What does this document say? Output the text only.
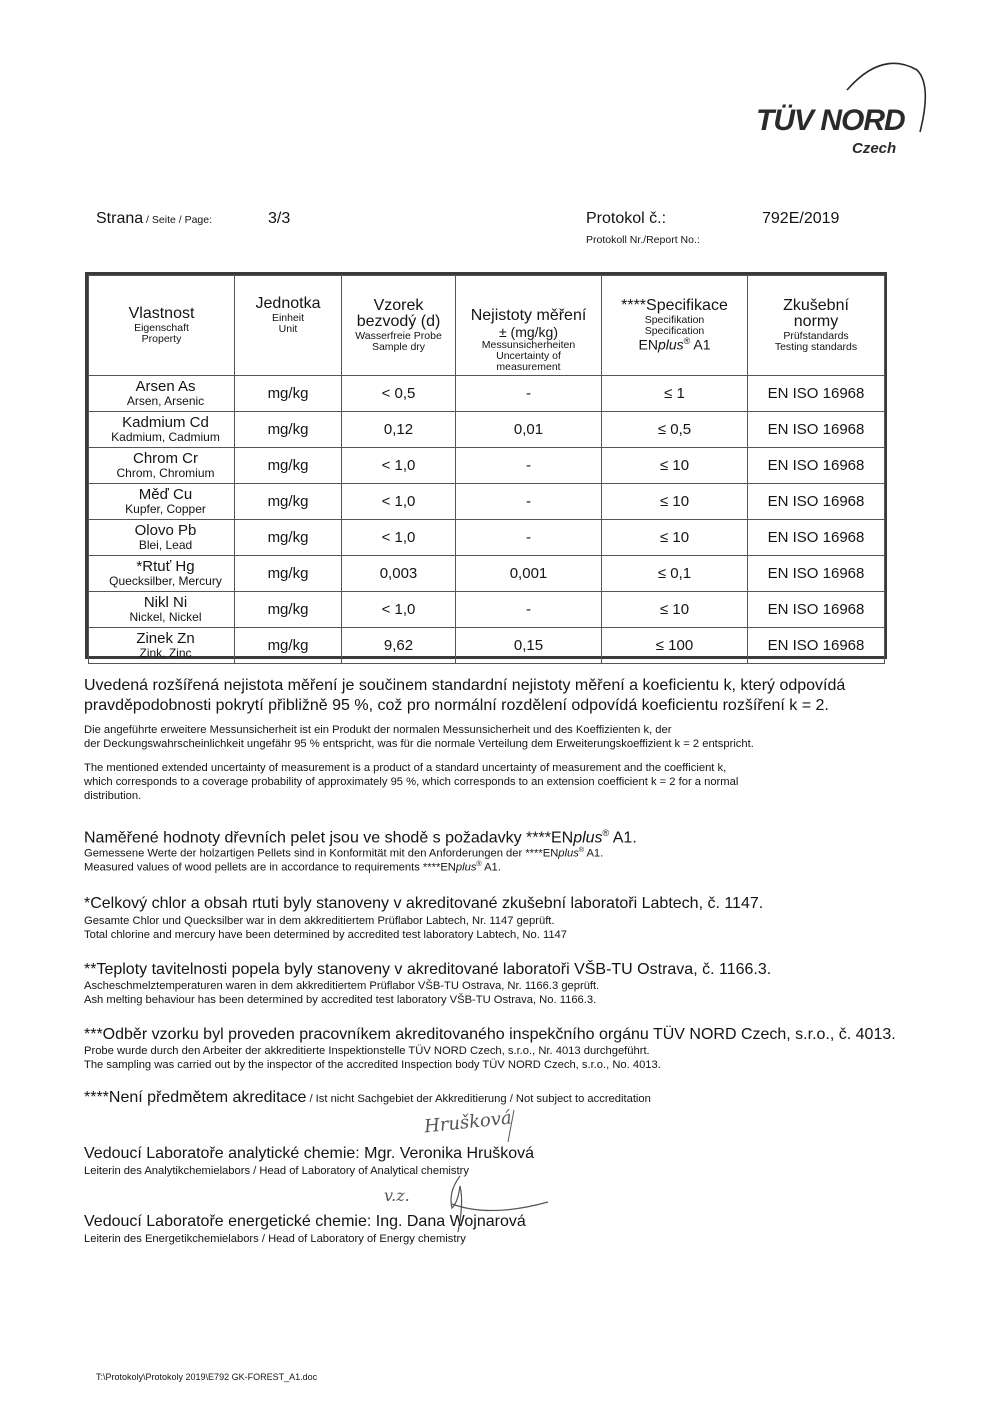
TÜV NORD
Czech
Strana / Seite / Page:	3/3	Protokol č.:
Protokoll Nr./Report No.:
792E/2019
Vlastnost
Eigenschaft
Property	Jednotka
Einheit
Unit	Vzorek
bezvodý (d)
Wasserfreie Probe
Sample dry	Nejistoty měření
± (mg/kg)
Messunsicherheiten
Uncertainty of
measurement	****Specifikace
Specifikation
Specification
ENplus® A1	Zkušební
normy
Prüfstandards
Testing standards

Arsen As
Arsen, Arsenic	mg/kg	< 0,5	-	≤ 1	EN ISO 16968

Kadmium Cd
Kadmium, Cadmium	mg/kg	0,12	0,01	≤ 0,5	EN ISO 16968

Chrom Cr
Chrom, Chromium	mg/kg	< 1,0	-	≤ 10	EN ISO 16968

Měď Cu
Kupfer, Copper	mg/kg	< 1,0	-	≤ 10	EN ISO 16968

Olovo Pb
Blei, Lead	mg/kg	< 1,0	-	≤ 10	EN ISO 16968

*Rtuť Hg
Quecksilber, Mercury	mg/kg	0,003	0,001	≤ 0,1	EN ISO 16968

Nikl Ni
Nickel, Nickel	mg/kg	< 1,0	-	≤ 10	EN ISO 16968

Zinek Zn
Zink, Zinc	mg/kg	9,62	0,15	≤ 100	EN ISO 16968
Uvedená rozšířená nejistota měření je součinem standardní nejistoty měření a koeficientu k, který odpovídá
pravděpodobnosti pokrytí přibližně 95 %, což pro normální rozdělení odpovídá koeficientu rozšíření k = 2.
Die angeführte erweitere Messunsicherheit ist ein Produkt der normalen Messunsicherheit und des Koeffizienten k, der
der Deckungswahrscheinlichkeit ungefähr 95 % entspricht, was für die normale Verteilung dem Erweiterungskoeffizient k = 2 entspricht.
The mentioned extended uncertainty of measurement is a product of a standard uncertainty of measurement and the coefficient k,
which corresponds to a coverage probability of approximately 95 %, which corresponds to an extension coefficient k = 2 for a normal
distribution.
Naměřené hodnoty dřevních pelet jsou ve shodě s požadavky ****ENplus® A1.
Gemessene Werte der holzartigen Pellets sind in Konformität mit den Anforderungen der ****ENplus® A1.
Measured values of wood pellets are in accordance to requirements ****ENplus® A1.
*Celkový chlor a obsah rtuti byly stanoveny v akreditované zkušební laboratoři Labtech, č. 1147.
Gesamte Chlor und Quecksilber war in dem akkreditiertem Prüflabor Labtech, Nr. 1147 geprüft.
Total chlorine and mercury have been determined by accredited test laboratory Labtech, No. 1147
**Teploty tavitelnosti popela byly stanoveny v akreditované laboratoři VŠB-TU Ostrava, č. 1166.3.
Ascheschmelztemperaturen waren in dem akkreditiertem Prüflabor VŠB-TU Ostrava, Nr. 1166.3 geprüft.
Ash melting behaviour has been determined by accredited test laboratory VŠB-TU Ostrava, No. 1166.3.
***Odběr vzorku byl proveden pracovníkem akreditovaného inspekčního orgánu TÜV NORD Czech, s.r.o., č. 4013.
Probe wurde durch den Arbeiter der akkreditierte Inspektionstelle TÜV NORD Czech, s.r.o., Nr. 4013 durchgeführt.
The sampling was carried out by the inspector of the accredited Inspection body TÜV NORD Czech, s.r.o., No. 4013.
****Není předmětem akreditace / Ist nicht Sachgebiet der Akkreditierung / Not subject to accreditation
Hrušková
Vedoucí Laboratoře analytické chemie: Mgr. Veronika Hrušková
Leiterin des Analytikchemielabors / Head of Laboratory of Analytical chemistry
v.z.
Vedoucí Laboratoře energetické chemie: Ing. Dana Wojnarová
Leiterin des Energetikchemielabors / Head of Laboratory of Energy chemistry
T:\Protokoly\Protokoly 2019\E792 GK-FOREST_A1.doc
